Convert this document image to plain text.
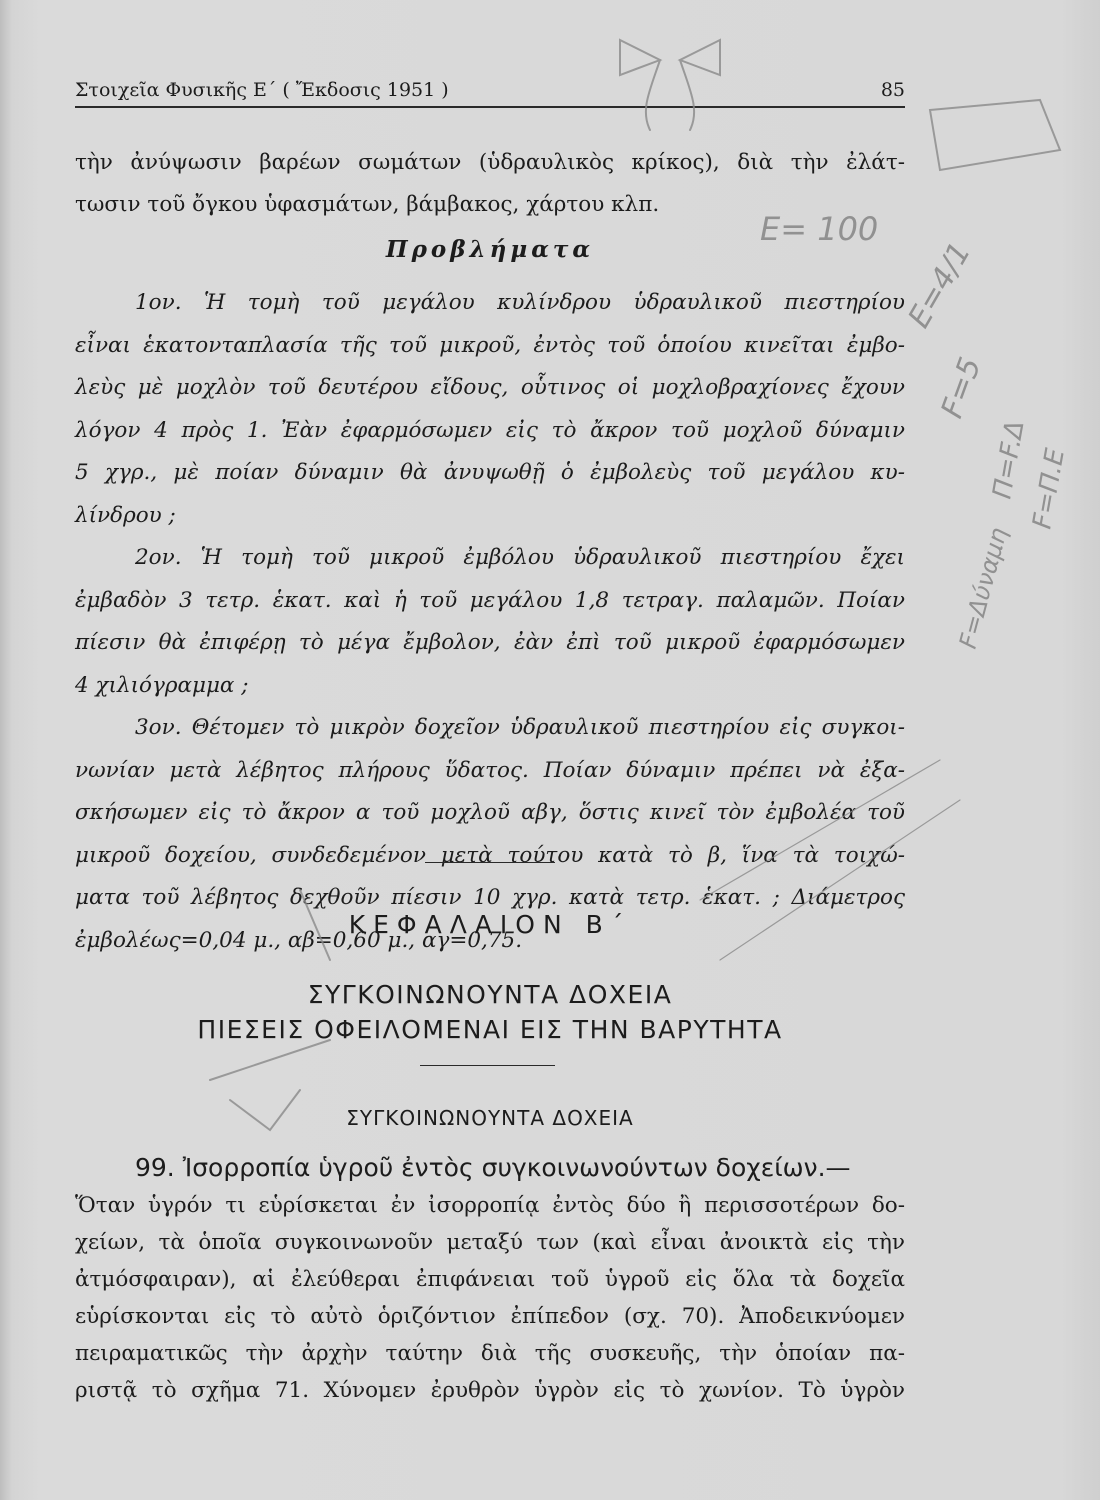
Στοιχεῖα Φυσικῆς Ε΄ ( Ἔκδοσις 1951 )	85

τὴν ἀνύψωσιν βαρέων σωμάτων (ὑδραυλικὸς κρίκος), διὰ τὴν ἐλάτ-

τωσιν τοῦ ὄγκου ὑφασμάτων, βάμβακος, χάρτου κλπ.

Προβλήματα

1ον. Ἡ τομὴ τοῦ μεγάλου κυλίνδρου ὑδραυλικοῦ πιεστηρίου

εἶναι ἑκατονταπλασία τῆς τοῦ μικροῦ, ἐντὸς τοῦ ὁποίου κινεῖται ἐμβο-

λεὺς μὲ μοχλὸν τοῦ δευτέρου εἴδους, οὗτινος οἱ μοχλοβραχίονες ἔχουν

λόγον 4 πρὸς 1. Ἐὰν ἐφαρμόσωμεν εἰς τὸ ἄκρον τοῦ μοχλοῦ δύναμιν

5 χγρ., μὲ ποίαν δύναμιν θὰ ἀνυψωθῇ ὁ ἐμβολεὺς τοῦ μεγάλου κυ-

λίνδρου ;

2ον. Ἡ τομὴ τοῦ μικροῦ ἐμβόλου ὑδραυλικοῦ πιεστηρίου ἔχει

ἐμβαδὸν 3 τετρ. ἑκατ. καὶ ἡ τοῦ μεγάλου 1,8 τετραγ. παλαμῶν. Ποίαν

πίεσιν θὰ ἐπιφέρῃ τὸ μέγα ἔμβολον, ἐὰν ἐπὶ τοῦ μικροῦ ἐφαρμόσωμεν

4 χιλιόγραμμα ;

3ον. Θέτομεν τὸ μικρὸν δοχεῖον ὑδραυλικοῦ πιεστηρίου εἰς συγκοι-

νωνίαν μετὰ λέβητος πλήρους ὕδατος. Ποίαν δύναμιν πρέπει νὰ ἐξα-

σκήσωμεν εἰς τὸ ἄκρον α τοῦ μοχλοῦ αβγ, ὅστις κινεῖ τὸν ἐμβολέα τοῦ

μικροῦ δοχείου, συνδεδεμένον μετὰ τούτου κατὰ τὸ β, ἵνα τὰ τοιχώ-

ματα τοῦ λέβητος δεχθοῦν πίεσιν 10 χγρ. κατὰ τετρ. ἑκατ. ; Διάμετρος

ἐμβολέως=0,04 μ., αβ=0,60 μ., αγ=0,75.

ΚΕΦΑΛΑΙΟΝ Β΄
ΣΥΓΚΟΙΝΩΝΟΥΝΤΑ ΔΟΧΕΙΑ
ΠΙΕΣΕΙΣ ΟΦΕΙΛΟΜΕΝΑΙ ΕΙΣ ΤΗΝ ΒΑΡΥΤΗΤΑ
ΣΥΓΚΟΙΝΩΝΟΥΝΤΑ ΔΟΧΕΙΑ
99. Ἰσορροπία ὑγροῦ ἐντὸς συγκοινωνούντων δοχείων.—

Ὅταν ὑγρόν τι εὑρίσκεται ἐν ἰσορροπίᾳ ἐντὸς δύο ἢ περισσοτέρων δο-

χείων, τὰ ὁποῖα συγκοινωνοῦν μεταξύ των (καὶ εἶναι ἀνοικτὰ εἰς τὴν

ἀτμόσφαιραν), αἱ ἐλεύθεραι ἐπιφάνειαι τοῦ ὑγροῦ εἰς ὅλα τὰ δοχεῖα

εὑρίσκονται εἰς τὸ αὐτὸ ὁριζόντιον ἐπίπεδον (σχ. 70). Ἀποδεικνύομεν

πειραματικῶς τὴν ἀρχὴν ταύτην διὰ τῆς συσκευῆς, τὴν ὁποίαν πα-

ριστᾷ τὸ σχῆμα 71. Χύνομεν ἐρυθρὸν ὑγρὸν εἰς τὸ χωνίον. Τὸ ὑγρὸν

E= 100
Ε=4/1
F=5
Π=F.Δ
F=Π.Ε
F=Δύναμη
